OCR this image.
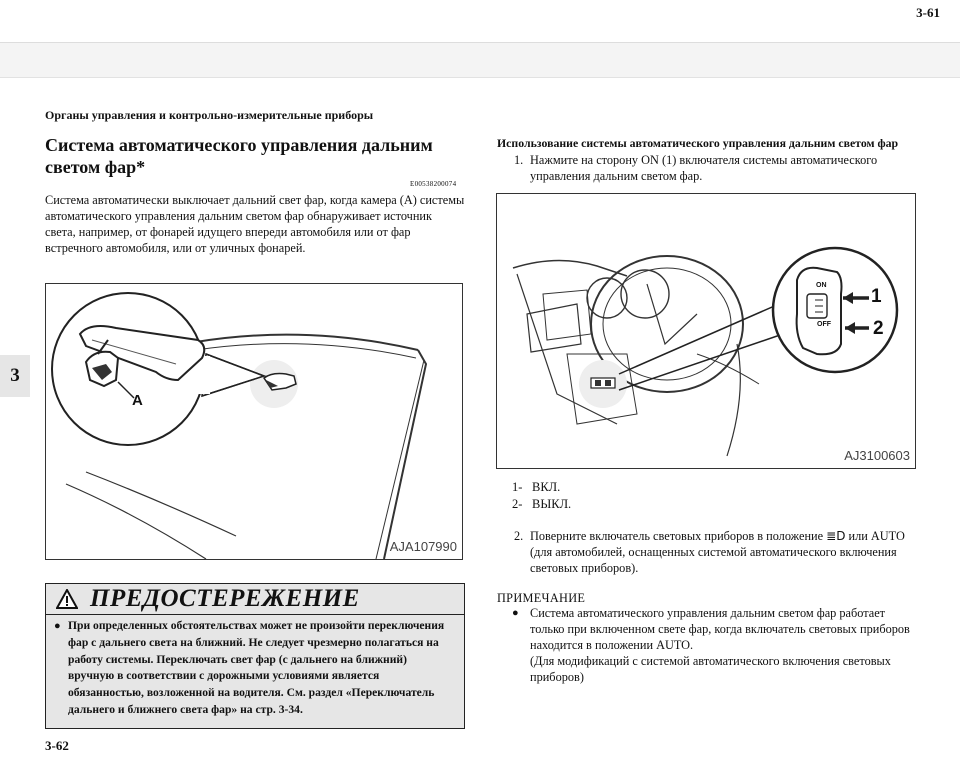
3-61
3
Органы управления и контрольно-измерительные приборы
Система автоматического управления дальним светом фар*
E00538200074
Система автоматически выключает дальний свет фар, когда камера (A) системы автоматического управления дальним светом фар обнаруживает источник света, например, от фонарей идущего впереди автомобиля или от фар встречного автомобиля, или от уличных фонарей.
A
AJA107990
ПРЕДОСТЕРЕЖЕНИЕ
● При определенных обстоятельствах может не произойти переключения фар с дальнего света на ближний. Не следует чрезмерно полагаться на работу системы. Переключать свет фар (с дальнего на ближний) вручную в соответствии с дорожными условиями является обязанностью, возложенной на водителя. См. раздел «Переключатель дальнего и ближнего света фар» на стр. 3-34.
3-62
Использование системы автоматического управления дальним светом фар
1. Нажмите на сторону ON (1) включателя системы автоматического управления дальним светом фар.
ON
OFF
1
2
AJ3100603
1- ВКЛ.
2- ВЫКЛ.
2. Поверните включатель световых приборов в положение ≣D или AUTO (для автомобилей, оснащенных системой автоматического включения световых приборов).
ПРИМЕЧАНИЕ
● Система автоматического управления дальним светом фар работает только при включенном свете фар, когда включатель световых приборов находится в положении AUTO.
(Для модификаций с системой автоматического включения световых приборов)
